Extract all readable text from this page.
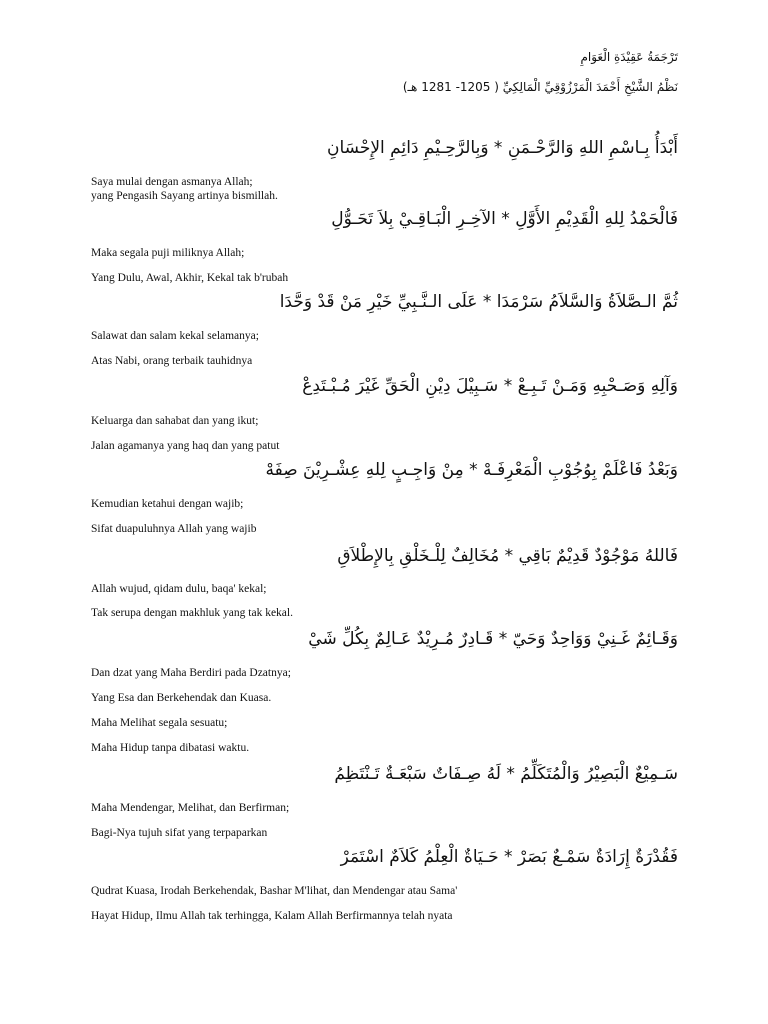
تَرْجَمَةُ عَقِيْدَةِ الْعَوَامِ
نَظْمُ الشَّيْخِ أَحْمَدَ الْمَرْزُوْقِيِّ الْمَالِكِيِّ ( 1205- 1281 هـ)
أَبْدَأُ بِـاسْمِ اللهِ وَالرَّحْـمَنِ * وَبِالرَّحِـيْمِ دَائِمِ الإِحْسَانِ
Saya mulai dengan asmanya Allah;
yang Pengasih Sayang artinya bismillah.
فَالْحَمْدُ لِلهِ الْقَدِيْمِ الأَوَّلِ * الآخِـرِ الْبَـاقِـيْ بِلاَ تَحَـوُّلِ
Maka segala puji miliknya Allah;
Yang Dulu, Awal, Akhir, Kekal tak b'rubah
ثُمَّ الـصَّلاَةُ وَالسَّلاَمُ سَرْمَدَا * عَلَى الـنَّـبِيِّ خَيْرِ مَنْ قَدْ وَحَّدَا
Salawat dan salam kekal selamanya;
Atas Nabi, orang terbaik tauhidnya
وَآلِهِ وَصَـحْبِهِ وَمَـنْ تَـبِـعْ * سَـبِيْلَ دِيْنِ الْحَقِّ غَيْرَ مُـبْـتَدِعْ
Keluarga dan sahabat dan yang ikut;
Jalan agamanya yang haq dan yang patut
وَبَعْدُ فَاعْلَمْ بِوُجُوْبِ الْمَعْرِفَـهْ * مِنْ وَاجِـبٍ لِلهِ عِشْـرِيْنَ صِفَهْ
Kemudian ketahui dengan wajib;
Sifat duapuluhnya Allah yang wajib
فَاللهُ مَوْجُوْدٌ قَدِيْمٌ بَاقِي * مُخَالِفٌ لِلْـخَلْقِ بِالإِطْلاَقِ
Allah wujud, qidam dulu, baqa' kekal;
Tak serupa dengan makhluk yang tak kekal.
وَقَـائِمٌ غَـنِيْ وَوَاحِدٌ وَحَيّ * قَـادِرٌ مُـرِيْدٌ عَـالِمٌ بِكُلِّ شَيْ
Dan dzat yang Maha Berdiri pada Dzatnya;
Yang Esa dan Berkehendak dan Kuasa.
Maha Melihat segala sesuatu;
Maha Hidup tanpa dibatasi waktu.
سَـمِيْعٌ الْبَصِيْرُ وَالْمُتَكَلِّمُ * لَهُ صِـفَاتٌ سَبْعَـةٌ تَـنْتَظِمُ
Maha Mendengar, Melihat, dan Berfirman;
Bagi-Nya tujuh sifat yang terpaparkan
فَقُدْرَةٌ إِرَادَةٌ سَمْـعٌ بَصَرْ * حَـيَاةٌ الْعِلْمُ كَلاَمٌ اسْتَمَرْ
Qudrat Kuasa, Irodah Berkehendak, Bashar M'lihat, dan Mendengar atau Sama'
Hayat Hidup, Ilmu Allah tak terhingga, Kalam Allah Berfirmannya telah nyata
